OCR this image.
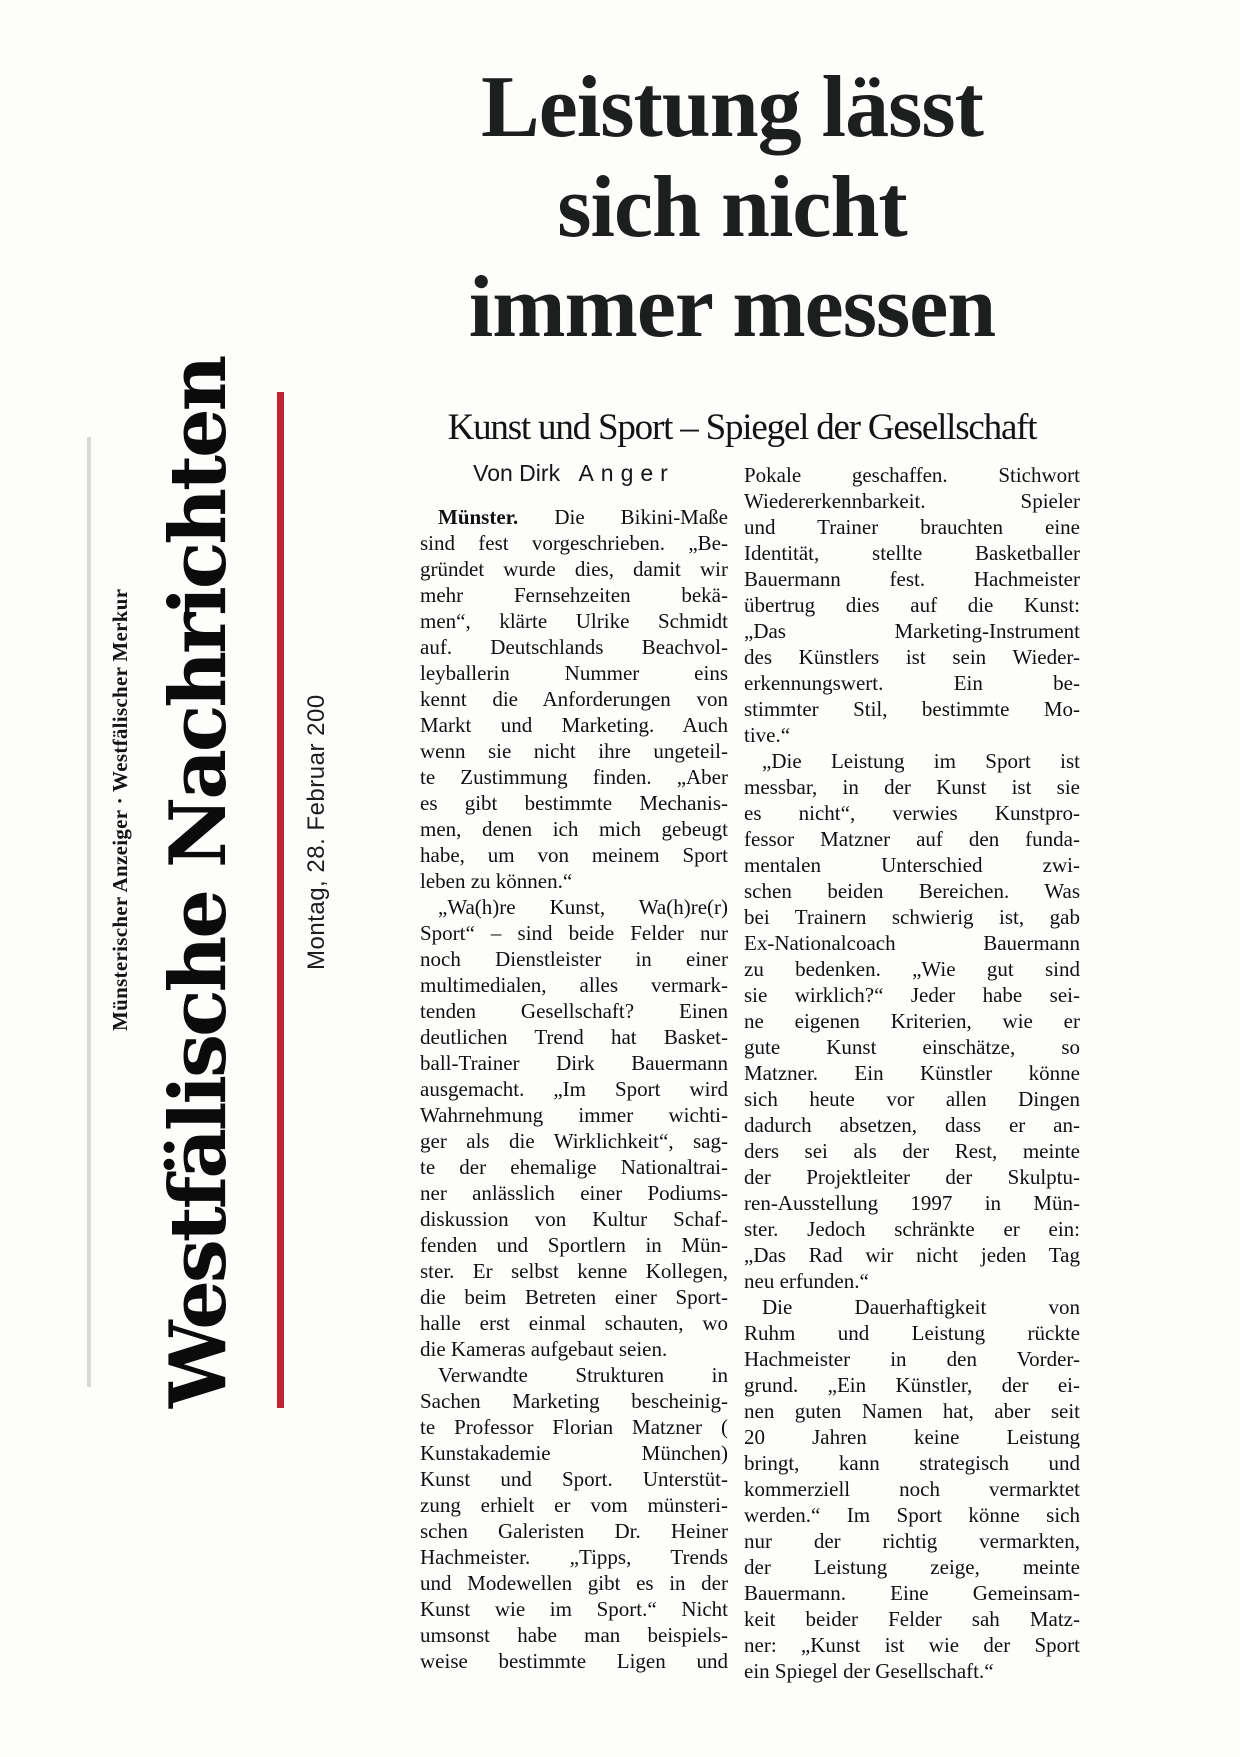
Münsterischer Anzeiger · Westfälischer Merkur Westfälische Nachrichten	Montag, 28. Februar 200
Leistung lässt
sich nicht
immer messen
Kunst und Sport – Spiegel der Gesellschaft
Von Dirk Anger
Münster. Die Bikini-Maße
sind fest vorgeschrieben. „Be-
gründet wurde dies, damit wir
mehr Fernsehzeiten bekä-
men“, klärte Ulrike Schmidt
auf. Deutschlands Beachvol-
leyballerin Nummer eins
kennt die Anforderungen von
Markt und Marketing. Auch
wenn sie nicht ihre ungeteil-
te Zustimmung finden. „Aber
es gibt bestimmte Mechanis-
men, denen ich mich gebeugt
habe, um von meinem Sport
leben zu können.“
„Wa(h)re Kunst, Wa(h)re(r)
Sport“ – sind beide Felder nur
noch Dienstleister in einer
multimedialen, alles vermark-
tenden Gesellschaft? Einen
deutlichen Trend hat Basket-
ball-Trainer Dirk Bauermann
ausgemacht. „Im Sport wird
Wahrnehmung immer wichti-
ger als die Wirklichkeit“, sag-
te der ehemalige Nationaltrai-
ner anlässlich einer Podiums-
diskussion von Kultur Schaf-
fenden und Sportlern in Mün-
ster. Er selbst kenne Kollegen,
die beim Betreten einer Sport-
halle erst einmal schauten, wo
die Kameras aufgebaut seien.
Verwandte Strukturen in
Sachen Marketing bescheinig-
te Professor Florian Matzner (
Kunstakademie München)
Kunst und Sport. Unterstüt-
zung erhielt er vom münsteri-
schen Galeristen Dr. Heiner
Hachmeister. „Tipps, Trends
und Modewellen gibt es in der
Kunst wie im Sport.“ Nicht
umsonst habe man beispiels-
weise bestimmte Ligen und
Pokale geschaffen. Stichwort
Wiedererkennbarkeit. Spieler
und Trainer brauchten eine
Identität, stellte Basketballer
Bauermann fest. Hachmeister
übertrug dies auf die Kunst:
„Das Marketing-Instrument
des Künstlers ist sein Wieder-
erkennungswert. Ein be-
stimmter Stil, bestimmte Mo-
tive.“
„Die Leistung im Sport ist
messbar, in der Kunst ist sie
es nicht“, verwies Kunstpro-
fessor Matzner auf den funda-
mentalen Unterschied zwi-
schen beiden Bereichen. Was
bei Trainern schwierig ist, gab
Ex-Nationalcoach Bauermann
zu bedenken. „Wie gut sind
sie wirklich?“ Jeder habe sei-
ne eigenen Kriterien, wie er
gute Kunst einschätze, so
Matzner. Ein Künstler könne
sich heute vor allen Dingen
dadurch absetzen, dass er an-
ders sei als der Rest, meinte
der Projektleiter der Skulptu-
ren-Ausstellung 1997 in Mün-
ster. Jedoch schränkte er ein:
„Das Rad wir nicht jeden Tag
neu erfunden.“
Die Dauerhaftigkeit von
Ruhm und Leistung rückte
Hachmeister in den Vorder-
grund. „Ein Künstler, der ei-
nen guten Namen hat, aber seit
20 Jahren keine Leistung
bringt, kann strategisch und
kommerziell noch vermarktet
werden.“ Im Sport könne sich
nur der richtig vermarkten,
der Leistung zeige, meinte
Bauermann. Eine Gemeinsam-
keit beider Felder sah Matz-
ner: „Kunst ist wie der Sport
ein Spiegel der Gesellschaft.“
